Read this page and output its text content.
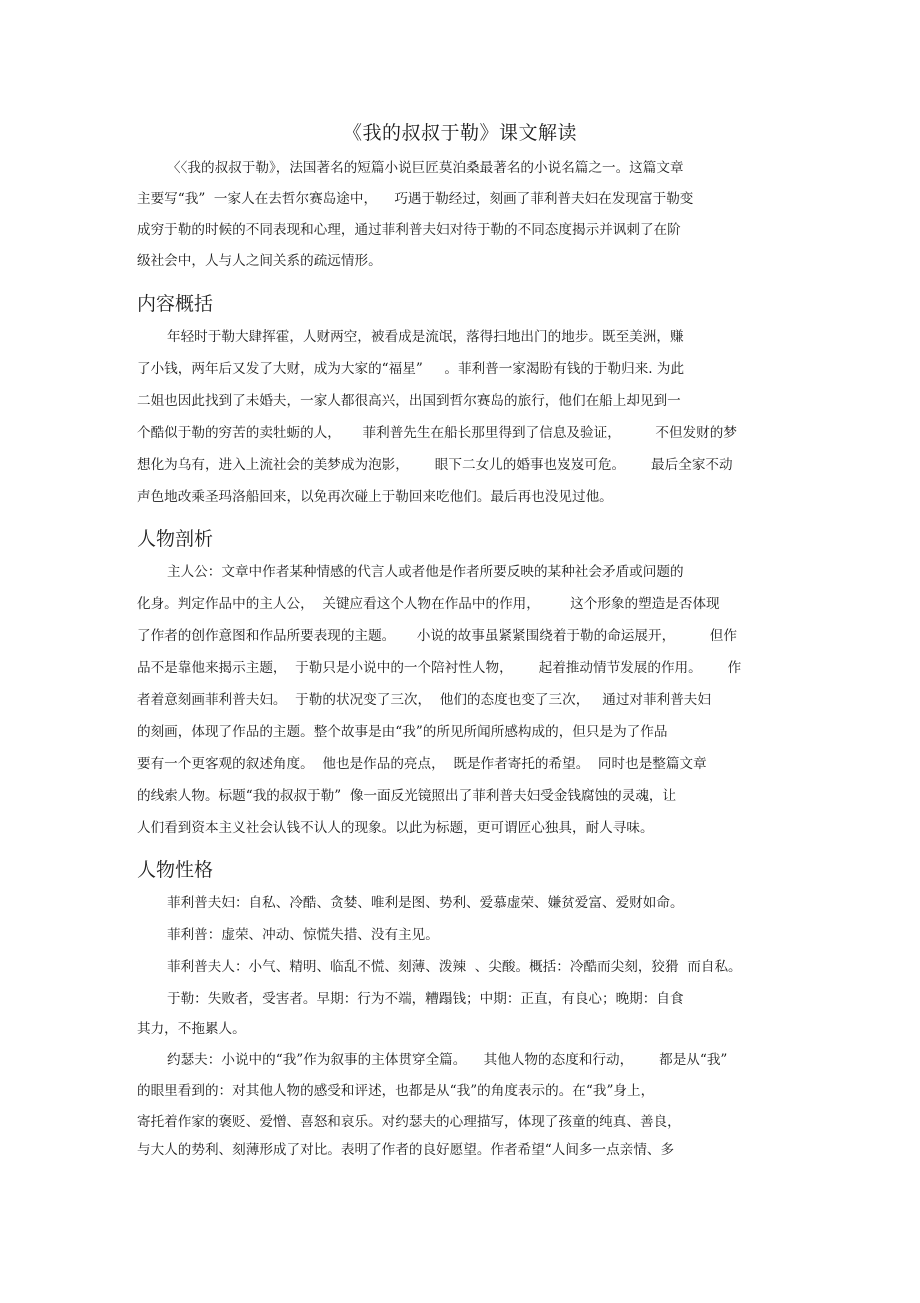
《我的叔叔于勒》课文解读
〈〈我的叔叔于勒》，法国著名的短篇小说巨匠莫泊桑最著名的小说名篇之一。这篇文章
主要写“我”  一家人在去哲尔赛岛途中，    巧遇于勒经过，刻画了菲利普夫妇在发现富于勒变
成穷于勒的时候的不同表现和心理，通过菲利普夫妇对待于勒的不同态度揭示并讽刺了在阶
级社会中，人与人之间关系的疏远情形。
内容概括
年轻时于勒大肆挥霍，人财两空，被看成是流氓，落得扫地出门的地步。既至美洲，赚
了小钱，两年后又发了大财，成为大家的“福星”     。菲利普一家渴盼有钱的于勒归来. 为此
二姐也因此找到了未婚夫，一家人都很高兴，出国到哲尔赛岛的旅行，他们在船上却见到一
个酷似于勒的穷苦的卖牡蛎的人，     菲利普先生在船长那里得到了信息及验证，        不但发财的梦
想化为乌有，进入上流社会的美梦成为泡影，      眼下二女儿的婚事也岌岌可危。      最后全家不动
声色地改乘圣玛洛船回来，以免再次碰上于勒回来吃他们。最后再也没见过他。
人物剖析
主人公：文章中作者某种情感的代言人或者他是作者所要反映的某种社会矛盾或问题的
化身。判定作品中的主人公，  关键应看这个人物在作品中的作用，       这个形象的塑造是否体现
了作者的创作意图和作品所要表现的主题。     小说的故事虽紧紧围绕着于勒的命运展开，        但作
品不是靠他来揭示主题，  于勒只是小说中的一个陪衬性人物，      起着推动情节发展的作用。      作
者着意刻画菲利普夫妇。  于勒的状况变了三次，  他们的态度也变了三次，   通过对菲利普夫妇
的刻画，体现了作品的主题。整个故事是由“我”的所见所闻所感构成的，但只是为了作品
要有一个更客观的叙述角度。  他也是作品的亮点，  既是作者寄托的希望。  同时也是整篇文章
的线索人物。标题“我的叔叔于勒”  像一面反光镜照出了菲利普夫妇受金钱腐蚀的灵魂，让
人们看到资本主义社会认钱不认人的现象。以此为标题，更可谓匠心独具，耐人寻味。
人物性格
菲利普夫妇：自私、冷酷、贪婪、唯利是图、势利、爱慕虚荣、嫌贫爱富、爱财如命。
菲利普：虚荣、冲动、惊慌失措、没有主见。
菲利普夫人：小气、精明、临乱不慌、刻薄、泼辣  、尖酸。概括：冷酷而尖刻，狡猾  而自私。
于勒：失败者，受害者。早期：行为不端，糟蹋钱；中期：正直，有良心；晚期：自食
其力，不拖累人。
约瑟夫：小说中的“我”作为叙事的主体贯穿全篇。    其他人物的态度和行动，      都是从“我”
的眼里看到的：对其他人物的感受和评述，也都是从“我”的角度表示的。在“我”身上，
寄托着作家的褒贬、爱憎、喜怒和哀乐。对约瑟夫的心理描写，体现了孩童的纯真、善良，
与大人的势利、刻薄形成了对比。表明了作者的良好愿望。作者希望“人间多一点亲情、多
